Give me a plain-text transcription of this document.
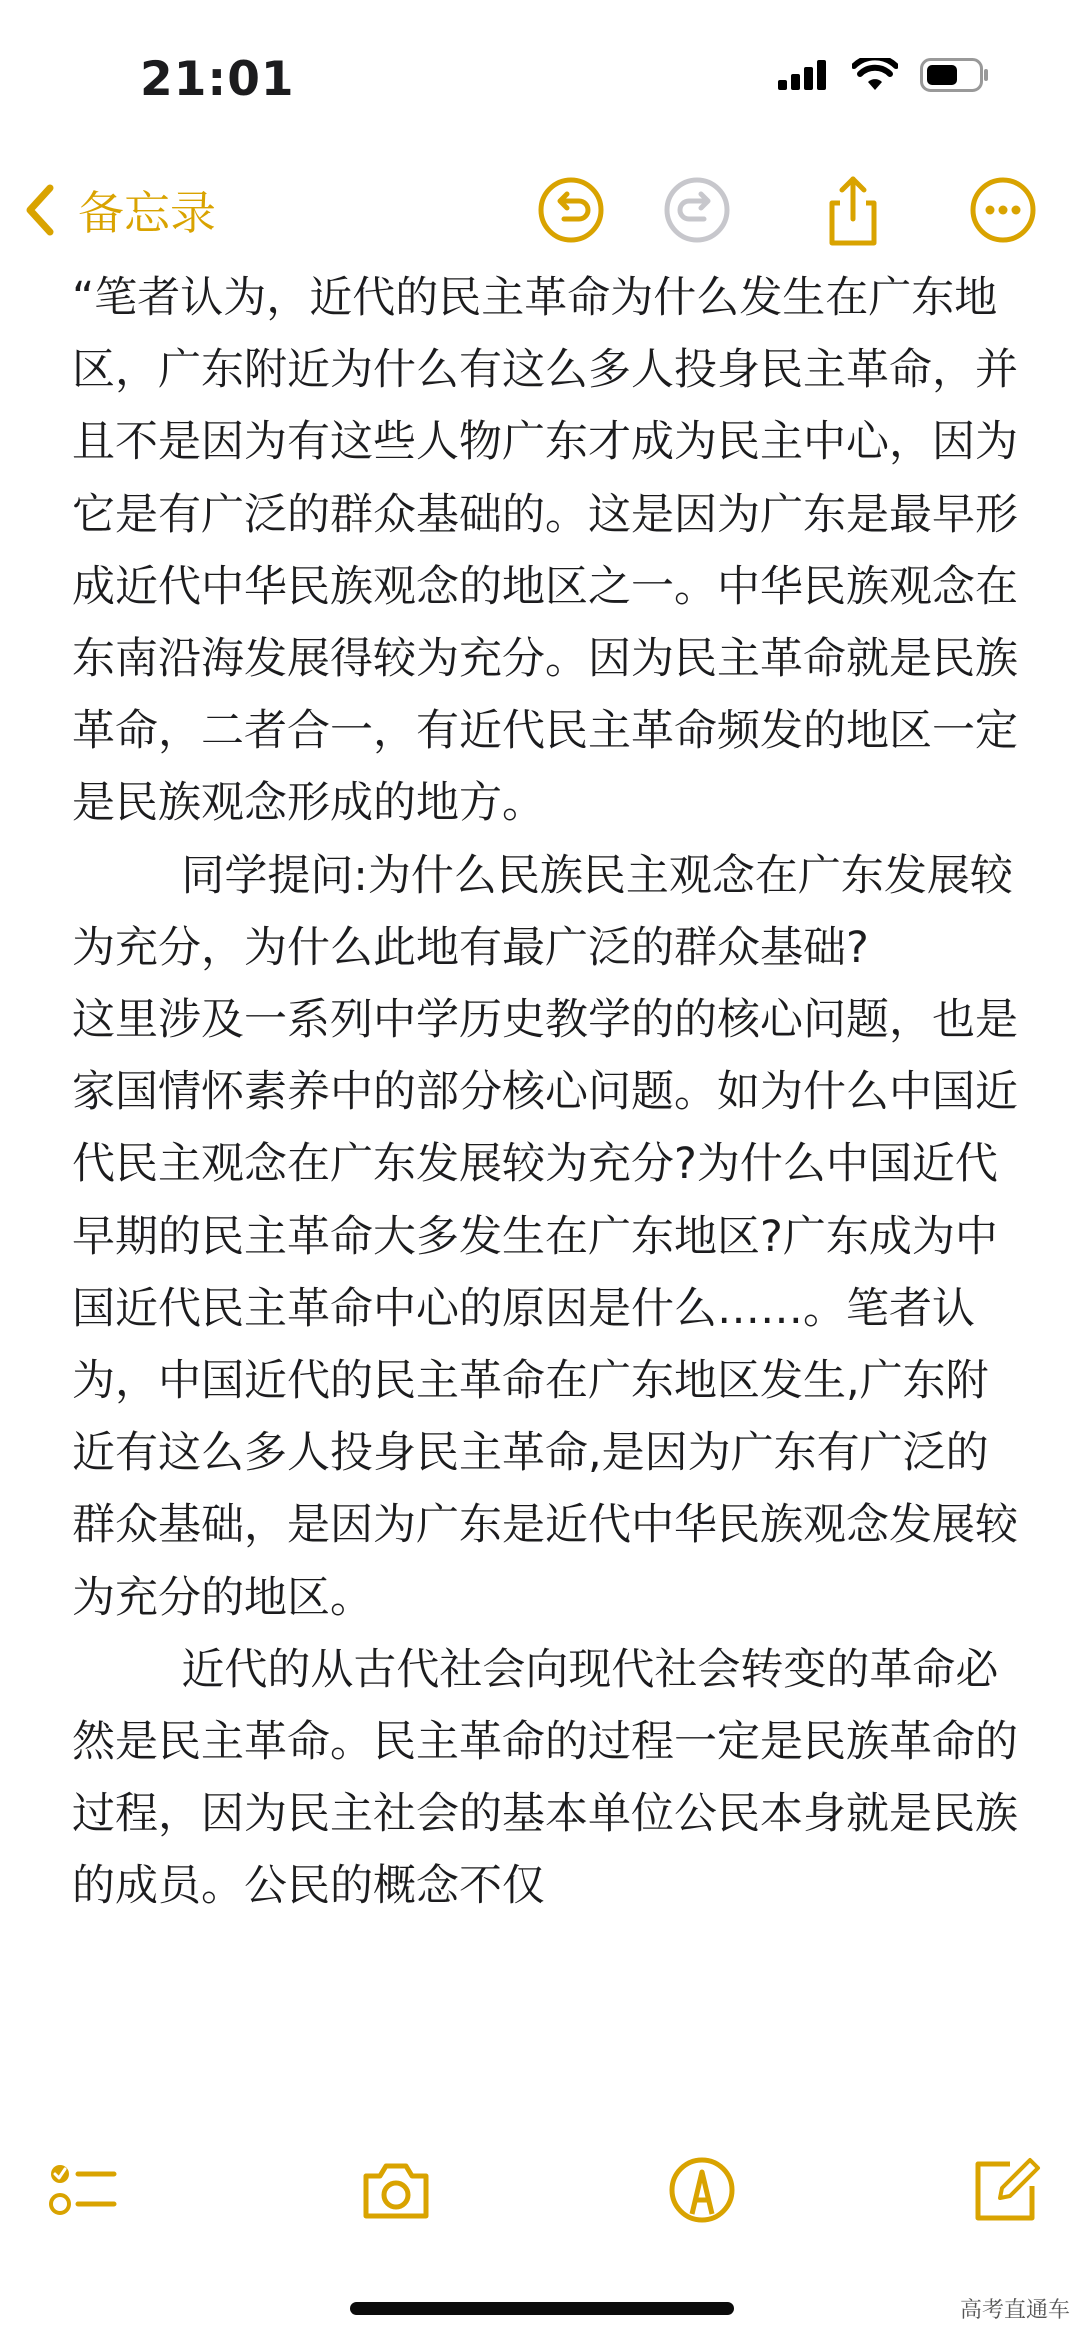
21:01
备忘录

“笔者认为，近代的民主革命为什么发生在广东地区，广东附近为什么有这么多人投身民主革命，并且不是因为有这些人物广东才成为民主中心，因为它是有广泛的群众基础的。这是因为广东是最早形成近代中华民族观念的地区之一。中华民族观念在东南沿海发展得较为充分。因为民主革命就是民族革命，二者合一，有近代民主革命频发的地区一定是民族观念形成的地方。

同学提问:为什么民族民主观念在广东发展较为充分，为什么此地有最广泛的群众基础?

这里涉及一系列中学历史教学的的核心问题，也是家国情怀素养中的部分核心问题。如为什么中国近代民主观念在广东发展较为充分?为什么中国近代早期的民主革命大多发生在广东地区?广东成为中国近代民主革命中心的原因是什么……。笔者认为，中国近代的民主革命在广东地区发生,广东附近有这么多人投身民主革命,是因为广东有广泛的群众基础，是因为广东是近代中华民族观念发展较为充分的地区。

近代的从古代社会向现代社会转变的革命必然是民主革命。民主革命的过程一定是民族革命的过程，因为民主社会的基本单位公民本身就是民族的成员。公民的概念不仅

高考直通车
